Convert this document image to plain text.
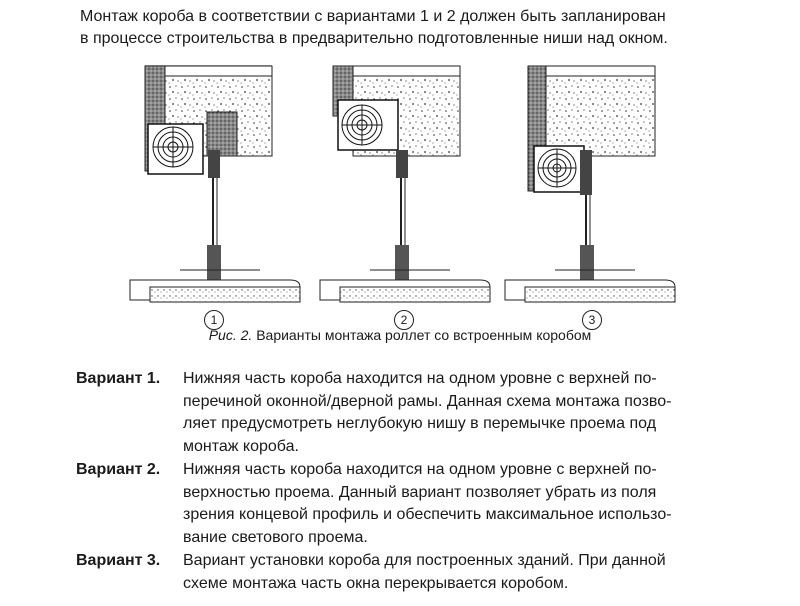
Монтаж короба в соответствии с вариантами 1 и 2 должен быть запланирован

в процессе строительства в предварительно подготовленные ниши над окном.

1	2	3
Рис. 2. Варианты монтажа роллет со встроенным коробом
Вариант 1. Нижняя часть короба находится на одном уровне с верхней по-
перечиной оконной/дверной рамы. Данная схема монтажа позво-
ляет предусмотреть неглубокую нишу в перемычке проема под
монтаж короба.
Вариант 2. Нижняя часть короба находится на одном уровне с верхней по-
верхностью проема. Данный вариант позволяет убрать из поля
зрения концевой профиль и обеспечить максимальное использо-
вание светового проема.
Вариант 3. Вариант установки короба для построенных зданий. При данной
схеме монтажа часть окна перекрывается коробом.
